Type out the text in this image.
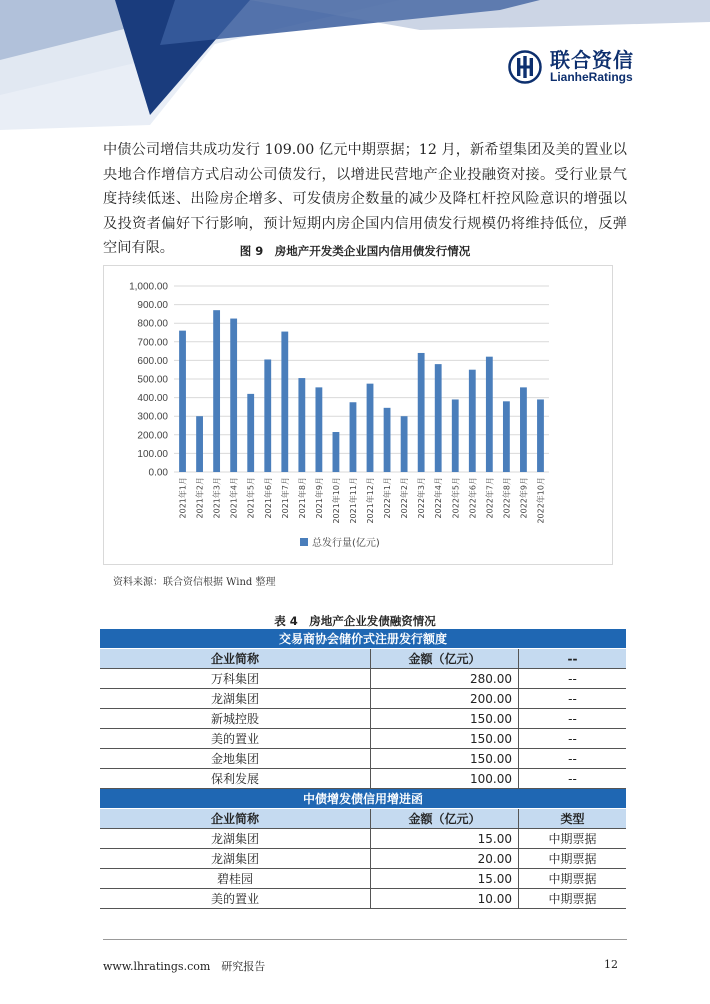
联合资信
LianheRatings

中债公司增信共成功发行 109.00 亿元中期票据；12 月，新希望集团及美的置业以央地合作增信方式启动公司债发行，以增进民营地产企业投融资对接。受行业景气度持续低迷、出险房企增多、可发债房企数量的减少及降杠杆控风险意识的增强以及投资者偏好下行影响，预计短期内房企国内信用债发行规模仍将维持低位，反弹空间有限。	图 9　房地产开发类企业国内信用债发行情况
0.00
100.00
200.00
300.00
400.00
500.00
600.00
700.00
800.00
900.00
1,000.00
2021年1月 2021年2月 2021年3月 2021年4月 2021年5月 2021年6月 2021年7月 2021年8月 2021年9月 2021年10月 2021年11月 2021年12月 2022年1月 2022年2月 2022年3月 2022年4月 2022年5月 2022年6月 2022年7月 2022年8月 2022年9月 2022年10月
总发行量(亿元)
资料来源：联合资信根据 Wind 整理
表 4　房地产企业发债融资情况
交易商协会储价式注册发行额度		
企业简称	金额（亿元）	--
万科集团	280.00	--
龙湖集团	200.00	--
新城控股	150.00	--
美的置业	150.00	--
金地集团	150.00	--
保利发展	100.00	--
中债增发债信用增进函		
企业简称	金额（亿元）	类型
龙湖集团	15.00	中期票据
龙湖集团	20.00	中期票据
碧桂园	15.00	中期票据
美的置业	10.00	中期票据
www.lhratings.com　研究报告	12
